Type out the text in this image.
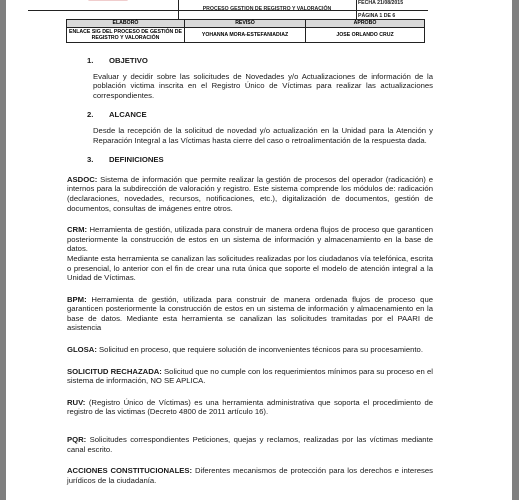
FECHA 21/08/2015
PROCESO GESTION DE REGISTRO Y VALORACIÓN
PÁGINA 1 DE 6
ELABORÓ	REVISÓ	APROBÓ
ENLACE SIG DEL PROCESO DE GESTIÓN DE REGISTRO Y VALORACIÓN	YOHANNA MORA-ESTEFANIADIAZ	JOSE ORLANDO CRUZ
1.	OBJETIVO
Evaluar y decidir sobre las solicitudes de Novedades y/o Actualizaciones de información de la población victima inscrita en el Registro Único de Víctimas para realizar las actualizaciones correspondientes.
2.	ALCANCE
Desde la recepción de la solicitud de novedad y/o actualización en la Unidad para la Atención y Reparación Integral a las Víctimas hasta cierre del caso o retroalimentación de la respuesta dada.
3.	DEFINICIONES
ASDOC: Sistema de información que permite realizar la gestión de procesos del operador (radicación) e internos para la subdirección de valoración y registro. Este sistema comprende los módulos de: radicación (declaraciones, novedades, recursos, notificaciones, etc.), digitalización de documentos, gestión de documentos, consultas de imágenes entre otros.
CRM: Herramienta de gestión, utilizada para construir de manera ordena flujos de proceso que garanticen posteriormente la construcción de estos en un sistema de información y almacenamiento en la base de datos.
Mediante esta herramienta se canalizan las solicitudes realizadas por los ciudadanos vía telefónica, escrita o presencial, lo anterior con el fin de crear una ruta única que soporte el modelo de atención integral a la Unidad de Víctimas.
BPM: Herramienta de gestión, utilizada para construir de manera ordenada flujos de proceso que garanticen posteriormente la construcción de estos en un sistema de información y almacenamiento en la base de datos. Mediante esta herramienta se canalizan las solicitudes tramitadas por el PAARI de asistencia
GLOSA: Solicitud en proceso, que requiere solución de inconvenientes técnicos para su procesamiento.
SOLICITUD RECHAZADA: Solicitud que no cumple con los requerimientos mínimos para su proceso en el sistema de información, NO SE APLICA.
RUV: (Registro Único de Víctimas) es una herramienta administrativa que soporta el procedimiento de registro de las victimas (Decreto 4800 de 2011 artículo 16).
PQR: Solicitudes correspondientes Peticiones, quejas y reclamos, realizadas por las víctimas mediante canal escrito.
ACCIONES CONSTITUCIONALES: Diferentes mecanismos de protección para los derechos e intereses jurídicos de la ciudadanía.
